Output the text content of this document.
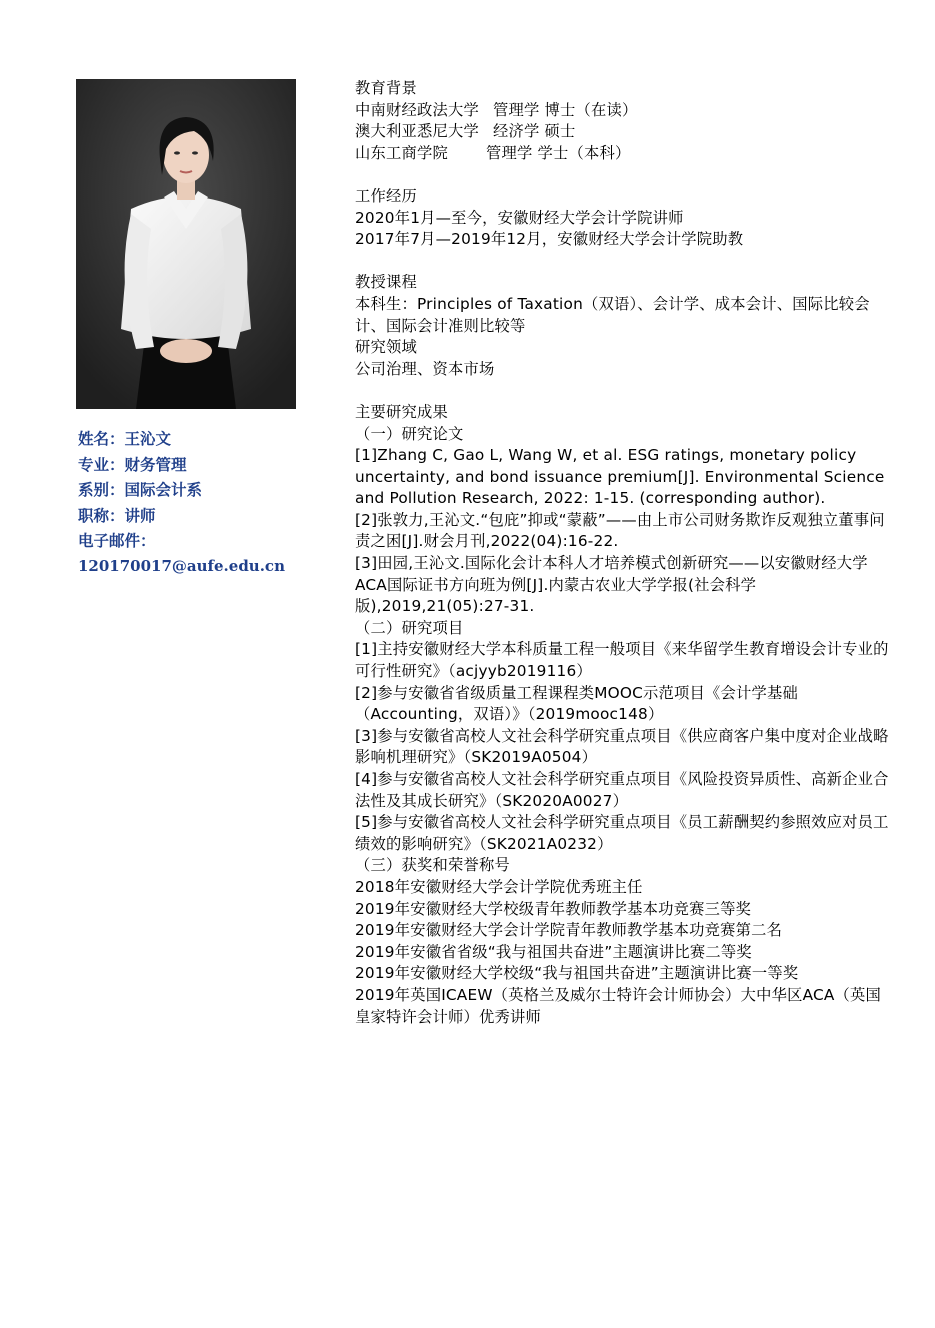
姓名：王沁文
专业：财务管理
系别：国际会计系
职称：讲师
电子邮件：
120170017@aufe.edu.cn
教育背景
中南财经政法大学 管理学 博士（在读）
澳大利亚悉尼大学 经济学 硕士
山东工商学院 管理学 学士（本科）
工作经历
2020年1月—至今，安徽财经大学会计学院讲师
2017年7月—2019年12月，安徽财经大学会计学院助教
教授课程
本科生：Principles of Taxation（双语）、会计学、成本会计、国际比较会计、国际会计准则比较等
研究领域
公司治理、资本市场
主要研究成果
（一）研究论文
[1]Zhang C, Gao L, Wang W, et al. ESG ratings, monetary policy uncertainty, and bond issuance premium[J]. Environmental Science and Pollution Research, 2022: 1-15. (corresponding author).
[2]张敦力,王沁文.“包庇”抑或“蒙蔽”——由上市公司财务欺诈反观独立董事问责之困[J].财会月刊,2022(04):16-22.
[3]田园,王沁文.国际化会计本科人才培养模式创新研究——以安徽财经大学ACA国际证书方向班为例[J].内蒙古农业大学学报(社会科学版),2019,21(05):27-31.
（二）研究项目
[1]主持安徽财经大学本科质量工程一般项目《来华留学生教育增设会计专业的可行性研究》（acjyyb2019116）
[2]参与安徽省省级质量工程课程类MOOC示范项目《会计学基础（Accounting，双语）》（2019mooc148）
[3]参与安徽省高校人文社会科学研究重点项目《供应商客户集中度对企业战略影响机理研究》（SK2019A0504）
[4]参与安徽省高校人文社会科学研究重点项目《风险投资异质性、高新企业合法性及其成长研究》（SK2020A0027）
[5]参与安徽省高校人文社会科学研究重点项目《员工薪酬契约参照效应对员工绩效的影响研究》（SK2021A0232）
（三）获奖和荣誉称号
2018年安徽财经大学会计学院优秀班主任
2019年安徽财经大学校级青年教师教学基本功竞赛三等奖
2019年安徽财经大学会计学院青年教师教学基本功竞赛第二名
2019年安徽省省级“我与祖国共奋进”主题演讲比赛二等奖
2019年安徽财经大学校级“我与祖国共奋进”主题演讲比赛一等奖
2019年英国ICAEW（英格兰及威尔士特许会计师协会）大中华区ACA（英国皇家特许会计师）优秀讲师
